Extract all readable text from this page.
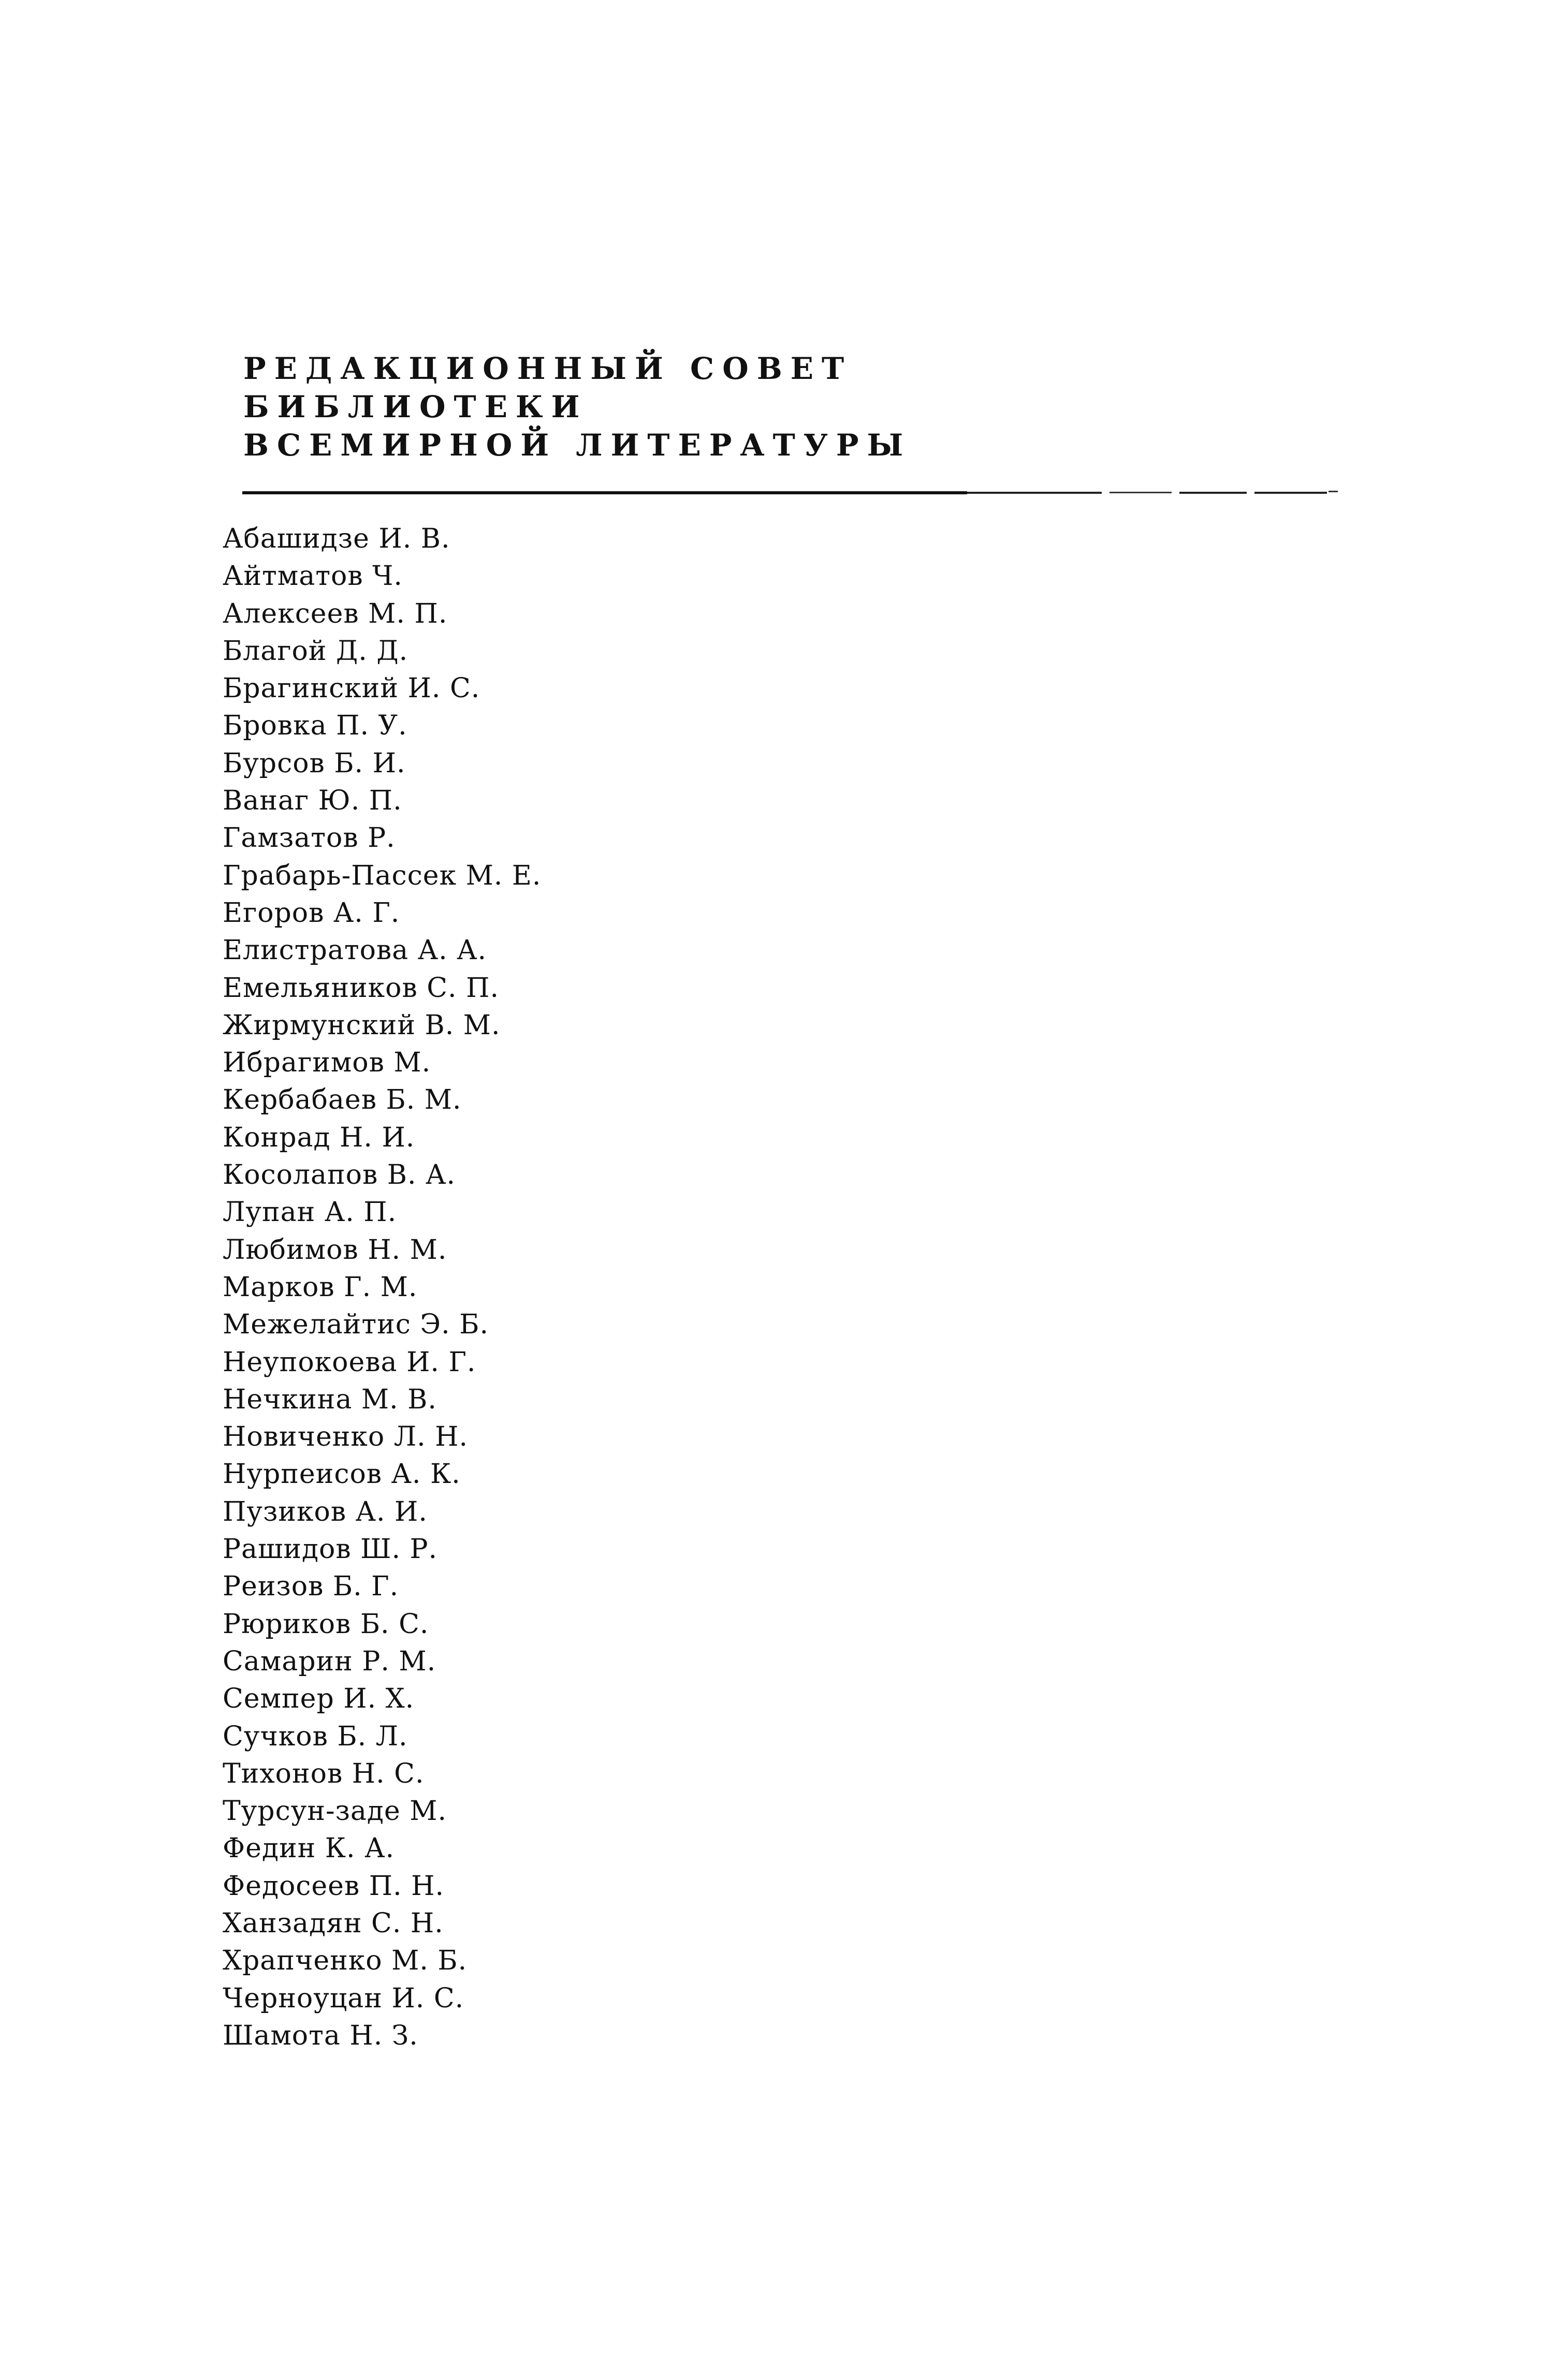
РЕДАКЦИОННЫЙ СОВЕТ
БИБЛИОТЕКИ
ВСЕМИРНОЙ ЛИТЕРАТУРЫ
Абашидзе И. В.
Айтматов Ч.
Алексеев М. П.
Благой Д. Д.
Брагинский И. С.
Бровка П. У.
Бурсов Б. И.
Ванаг Ю. П.
Гамзатов Р.
Грабарь-Пассек М. Е.
Егоров А. Г.
Елистратова А. А.
Емельяников С. П.
Жирмунский В. М.
Ибрагимов М.
Кербабаев Б. М.
Конрад Н. И.
Косолапов В. А.
Лупан А. П.
Любимов Н. М.
Марков Г. М.
Межелайтис Э. Б.
Неупокоева И. Г.
Нечкина М. В.
Новиченко Л. Н.
Нурпеисов А. К.
Пузиков А. И.
Рашидов Ш. Р.
Реизов Б. Г.
Рюриков Б. С.
Самарин Р. М.
Семпер И. Х.
Сучков Б. Л.
Тихонов Н. С.
Турсун-заде М.
Федин К. А.
Федосеев П. Н.
Ханзадян С. Н.
Храпченко М. Б.
Черноуцан И. С.
Шамота Н. З.
